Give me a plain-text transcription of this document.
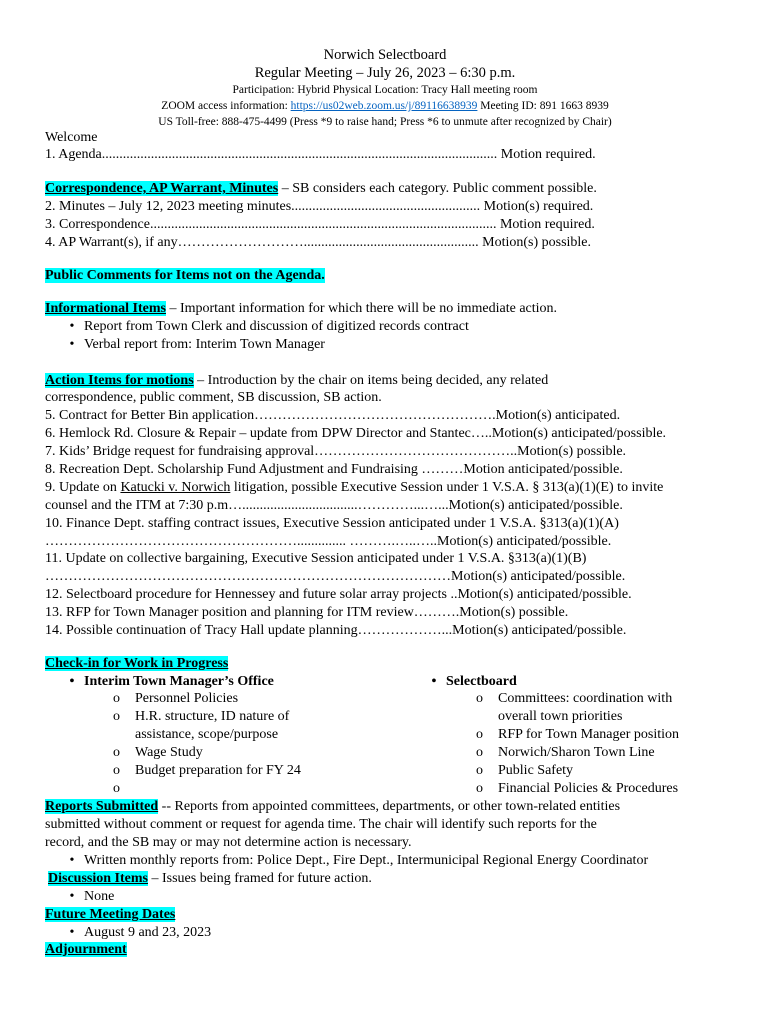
Norwich Selectboard
Regular Meeting – July 26, 2023 – 6:30 p.m.
Participation: Hybrid Physical Location: Tracy Hall meeting room
ZOOM access information: https://us02web.zoom.us/j/89116638939 Meeting ID: 891 1663 8939
US Toll-free: 888-475-4499 (Press *9 to raise hand; Press *6 to unmute after recognized by Chair)
Welcome
1. Agenda................................................................................................................. Motion required.
Correspondence, AP Warrant, Minutes – SB considers each category. Public comment possible.
2. Minutes – July 12, 2023 meeting minutes...................................................... Motion(s) required.
3. Correspondence................................................................................................... Motion required.
4. AP Warrant(s), if any……………………….................................................. Motion(s) possible.
Public Comments for Items not on the Agenda.
Informational Items – Important information for which there will be no immediate action.
• Report from Town Clerk and discussion of digitized records contract
• Verbal report from: Interim Town Manager
Action Items for motions – Introduction by the chair on items being decided, any related
correspondence, public comment, SB discussion, SB action.
5. Contract for Better Bin application…………………………………………….Motion(s) anticipated.
6. Hemlock Rd. Closure & Repair – update from DPW Director and Stantec…..Motion(s) anticipated/possible.
7. Kids’ Bridge request for fundraising approval……………………………………..Motion(s) possible.
8. Recreation Dept. Scholarship Fund Adjustment and Fundraising ………Motion anticipated/possible.
9. Update on Katucki v. Norwich litigation, possible Executive Session under 1 V.S.A. § 313(a)(1)(E) to invite
counsel and the ITM at 7:30 p.m….................................…………...…...Motion(s) anticipated/possible.
10. Finance Dept. staffing contract issues, Executive Session anticipated under 1 V.S.A. §313(a)(1)(A)
……………………………………………….............. ……….…..…..Motion(s) anticipated/possible.
11. Update on collective bargaining, Executive Session anticipated under 1 V.S.A. §313(a)(1)(B)
……………………………………………………………………………Motion(s) anticipated/possible.
12. Selectboard procedure for Hennessey and future solar array projects ..Motion(s) anticipated/possible.
13. RFP for Town Manager position and planning for ITM review……….Motion(s) possible.
14. Possible continuation of Tracy Hall update planning………………...Motion(s) anticipated/possible.
Check-in for Work in Progress
• Interim Town Manager’s Office
o Personnel Policies
o H.R. structure, ID nature of
assistance, scope/purpose
o Wage Study
o Budget preparation for FY 24
o
• Selectboard
o Committees: coordination with
overall town priorities
o RFP for Town Manager position
o Norwich/Sharon Town Line
o Public Safety
o Financial Policies & Procedures
Reports Submitted -- Reports from appointed committees, departments, or other town-related entities
submitted without comment or request for agenda time. The chair will identify such reports for the
record, and the SB may or may not determine action is necessary.
• Written monthly reports from: Police Dept., Fire Dept., Intermunicipal Regional Energy Coordinator
Discussion Items – Issues being framed for future action.
• None
Future Meeting Dates
• August 9 and 23, 2023
Adjournment
